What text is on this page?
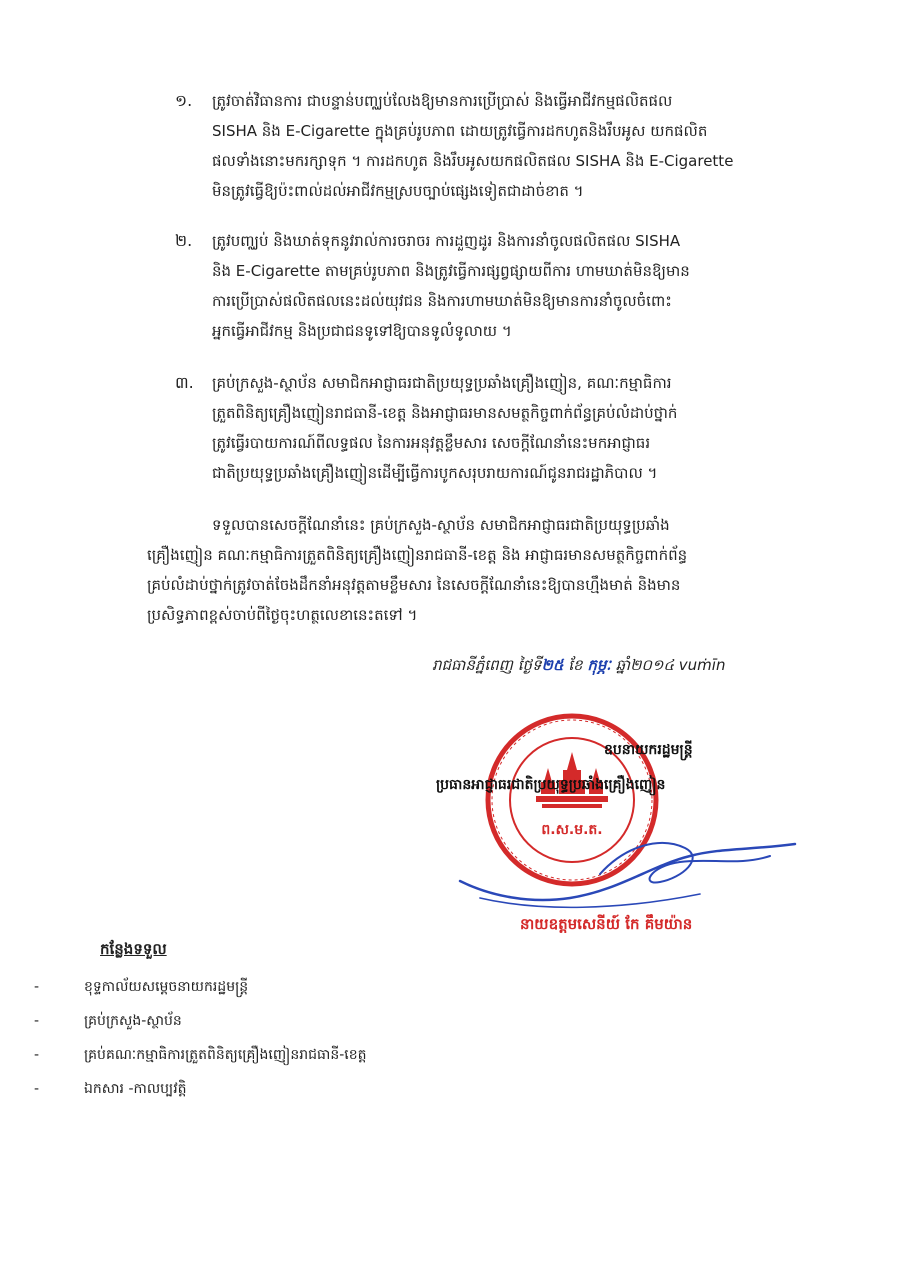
១.	ត្រូវចាត់វិធានការ ជាបន្ទាន់បញ្ឈប់លែងឱ្យមានការប្រើប្រាស់ និងធ្វើអាជីវកម្មផលិតផល
SISHA និង E-Cigarette ក្នុងគ្រប់រូបភាព ដោយត្រូវធ្វើការដកហូតនិងរឹបអូស យកផលិត
ផលទាំងនោះមករក្សាទុក ។ ការដកហូត និងរឹបអូសយកផលិតផល SISHA និង E-Cigarette
មិនត្រូវធ្វើឱ្យប៉ះពាល់ដល់អាជីវកម្មស្របច្បាប់ផ្សេងទៀតជាដាច់ខាត ។
២.	ត្រូវបញ្ឈប់ និងឃាត់ទុកនូវរាល់ការចរាចរ ការដួញដូរ និងការនាំចូលផលិតផល SISHA
និង E-Cigarette តាមគ្រប់រូបភាព និងត្រូវធ្វើការផ្សព្វផ្សាយពីការ ហាមឃាត់មិនឱ្យមាន
ការប្រើប្រាស់ផលិតផលនេះដល់យុវជន និងការហាមឃាត់មិនឱ្យមានការនាំចូលចំពោះ
អ្នកធ្វើអាជីវកម្ម និងប្រជាជនទូទៅឱ្យបានទូលំទូលាយ ។
៣.	គ្រប់ក្រសួង-ស្ថាប័ន សមាជិកអាជ្ញាធរជាតិប្រយុទ្ធប្រឆាំងគ្រឿងញៀន, គណៈកម្មាធិការ
ត្រួតពិនិត្យគ្រឿងញៀនរាជធានី-ខេត្ត និងអាជ្ញាធរមានសមត្ថកិច្ចពាក់ព័ន្ធគ្រប់លំដាប់ថ្នាក់
ត្រូវធ្វើរបាយការណ៍ពីលទ្ធផល នៃការអនុវត្តខ្លឹមសារ សេចក្តីណែនាំនេះមកអាជ្ញាធរ
ជាតិប្រយុទ្ធប្រឆាំងគ្រឿងញៀនដើម្បីធ្វើការបូកសរុបរាយការណ៍ជូនរាជរដ្ឋាភិបាល ។
ទទួលបានសេចក្តីណែនាំនេះ គ្រប់ក្រសួង-ស្ថាប័ន សមាជិកអាជ្ញាធរជាតិប្រយុទ្ធប្រឆាំង
គ្រឿងញៀន គណៈកម្មាធិការត្រួតពិនិត្យគ្រឿងញៀនរាជធានី-ខេត្ត និង អាជ្ញាធរមានសមត្ថកិច្ចពាក់ព័ន្ធ
គ្រប់លំដាប់ថ្នាក់ត្រូវចាត់ចែងដឹកនាំអនុវត្តតាមខ្លឹមសារ នៃសេចក្តីណែនាំនេះឱ្យបានហ្មឹងមាត់ និងមាន
ប្រសិទ្ធភាពខ្ពស់ចាប់ពីថ្ងៃចុះហត្ថលេខានេះតទៅ ។
រាជធានីភ្នំពេញ ថ្ងៃទី២៥ ខែ កុម្ភៈ ឆ្នាំ២០១៤ vuṁīn
ព.ស.ម.ត.
ឧបនាយករដ្ឋមន្ត្រី
ប្រធានអាជ្ញាធរជាតិប្រយុទ្ធប្រឆាំងគ្រឿងញៀន
នាយឧត្តមសេនីយ៍ កែ គឹមយ៉ាន
កន្លែងទទួល
-	ខុទ្ទកាល័យសម្តេចនាយករដ្ឋមន្ត្រី
-	គ្រប់ក្រសួង-ស្ថាប័ន
-	គ្រប់គណៈកម្មាធិការត្រួតពិនិត្យគ្រឿងញៀនរាជធានី-ខេត្ត
-	ឯកសារ -កាលប្បវត្តិ
